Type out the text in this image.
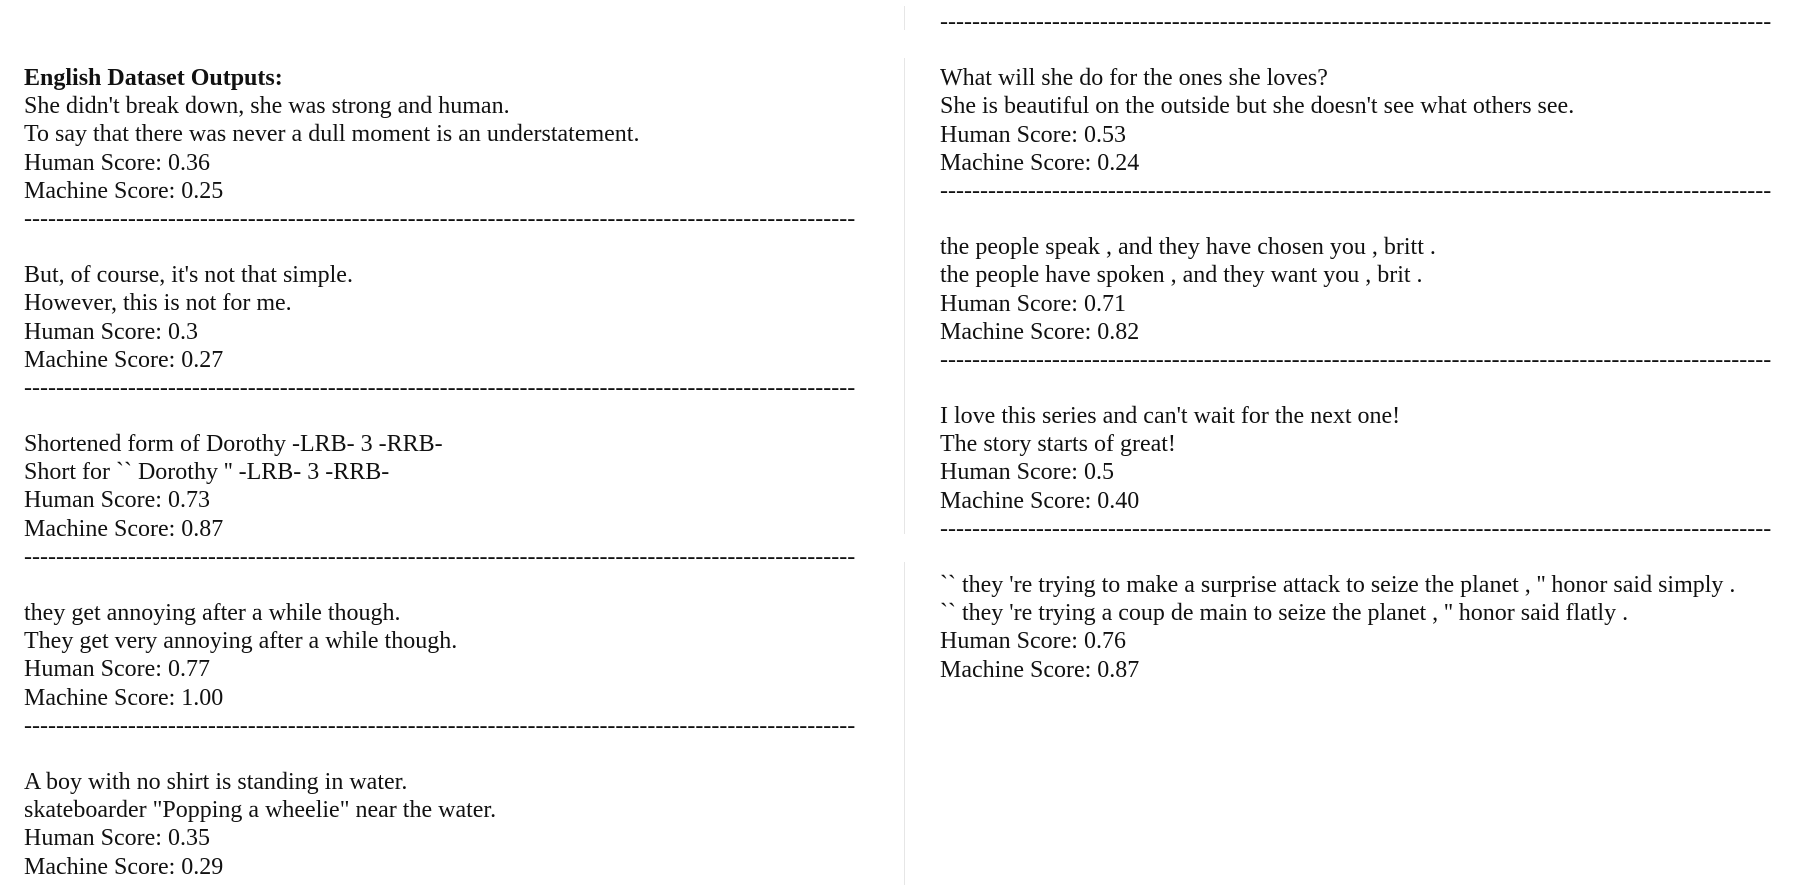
English Dataset Outputs:
She didn't break down, she was strong and human.
To say that there was never a dull moment is an understatement.
Human Score: 0.36
Machine Score: 0.25
--------------------------------------------------------------------------------------------------------
But, of course, it's not that simple.
However, this is not for me.
Human Score: 0.3
Machine Score: 0.27
--------------------------------------------------------------------------------------------------------
Shortened form of Dorothy -LRB- 3 -RRB-
Short for `` Dorothy '' -LRB- 3 -RRB-
Human Score: 0.73
Machine Score: 0.87
--------------------------------------------------------------------------------------------------------
they get annoying after a while though.
They get very annoying after a while though.
Human Score: 0.77
Machine Score: 1.00
--------------------------------------------------------------------------------------------------------
A boy with no shirt is standing in water.
skateboarder "Popping a wheelie" near the water.
Human Score: 0.35
Machine Score: 0.29
--------------------------------------------------------------------------------------------------------
What will she do for the ones she loves?
She is beautiful on the outside but she doesn't see what others see.
Human Score: 0.53
Machine Score: 0.24
--------------------------------------------------------------------------------------------------------
the people speak , and they have chosen you , britt .
the people have spoken , and they want you , brit .
Human Score: 0.71
Machine Score: 0.82
--------------------------------------------------------------------------------------------------------
I love this series and can't wait for the next one!
The story starts of great!
Human Score: 0.5
Machine Score: 0.40
--------------------------------------------------------------------------------------------------------
`` they 're trying to make a surprise attack to seize the planet , '' honor said simply .
`` they 're trying a coup de main to seize the planet , '' honor said flatly .
Human Score: 0.76
Machine Score: 0.87
